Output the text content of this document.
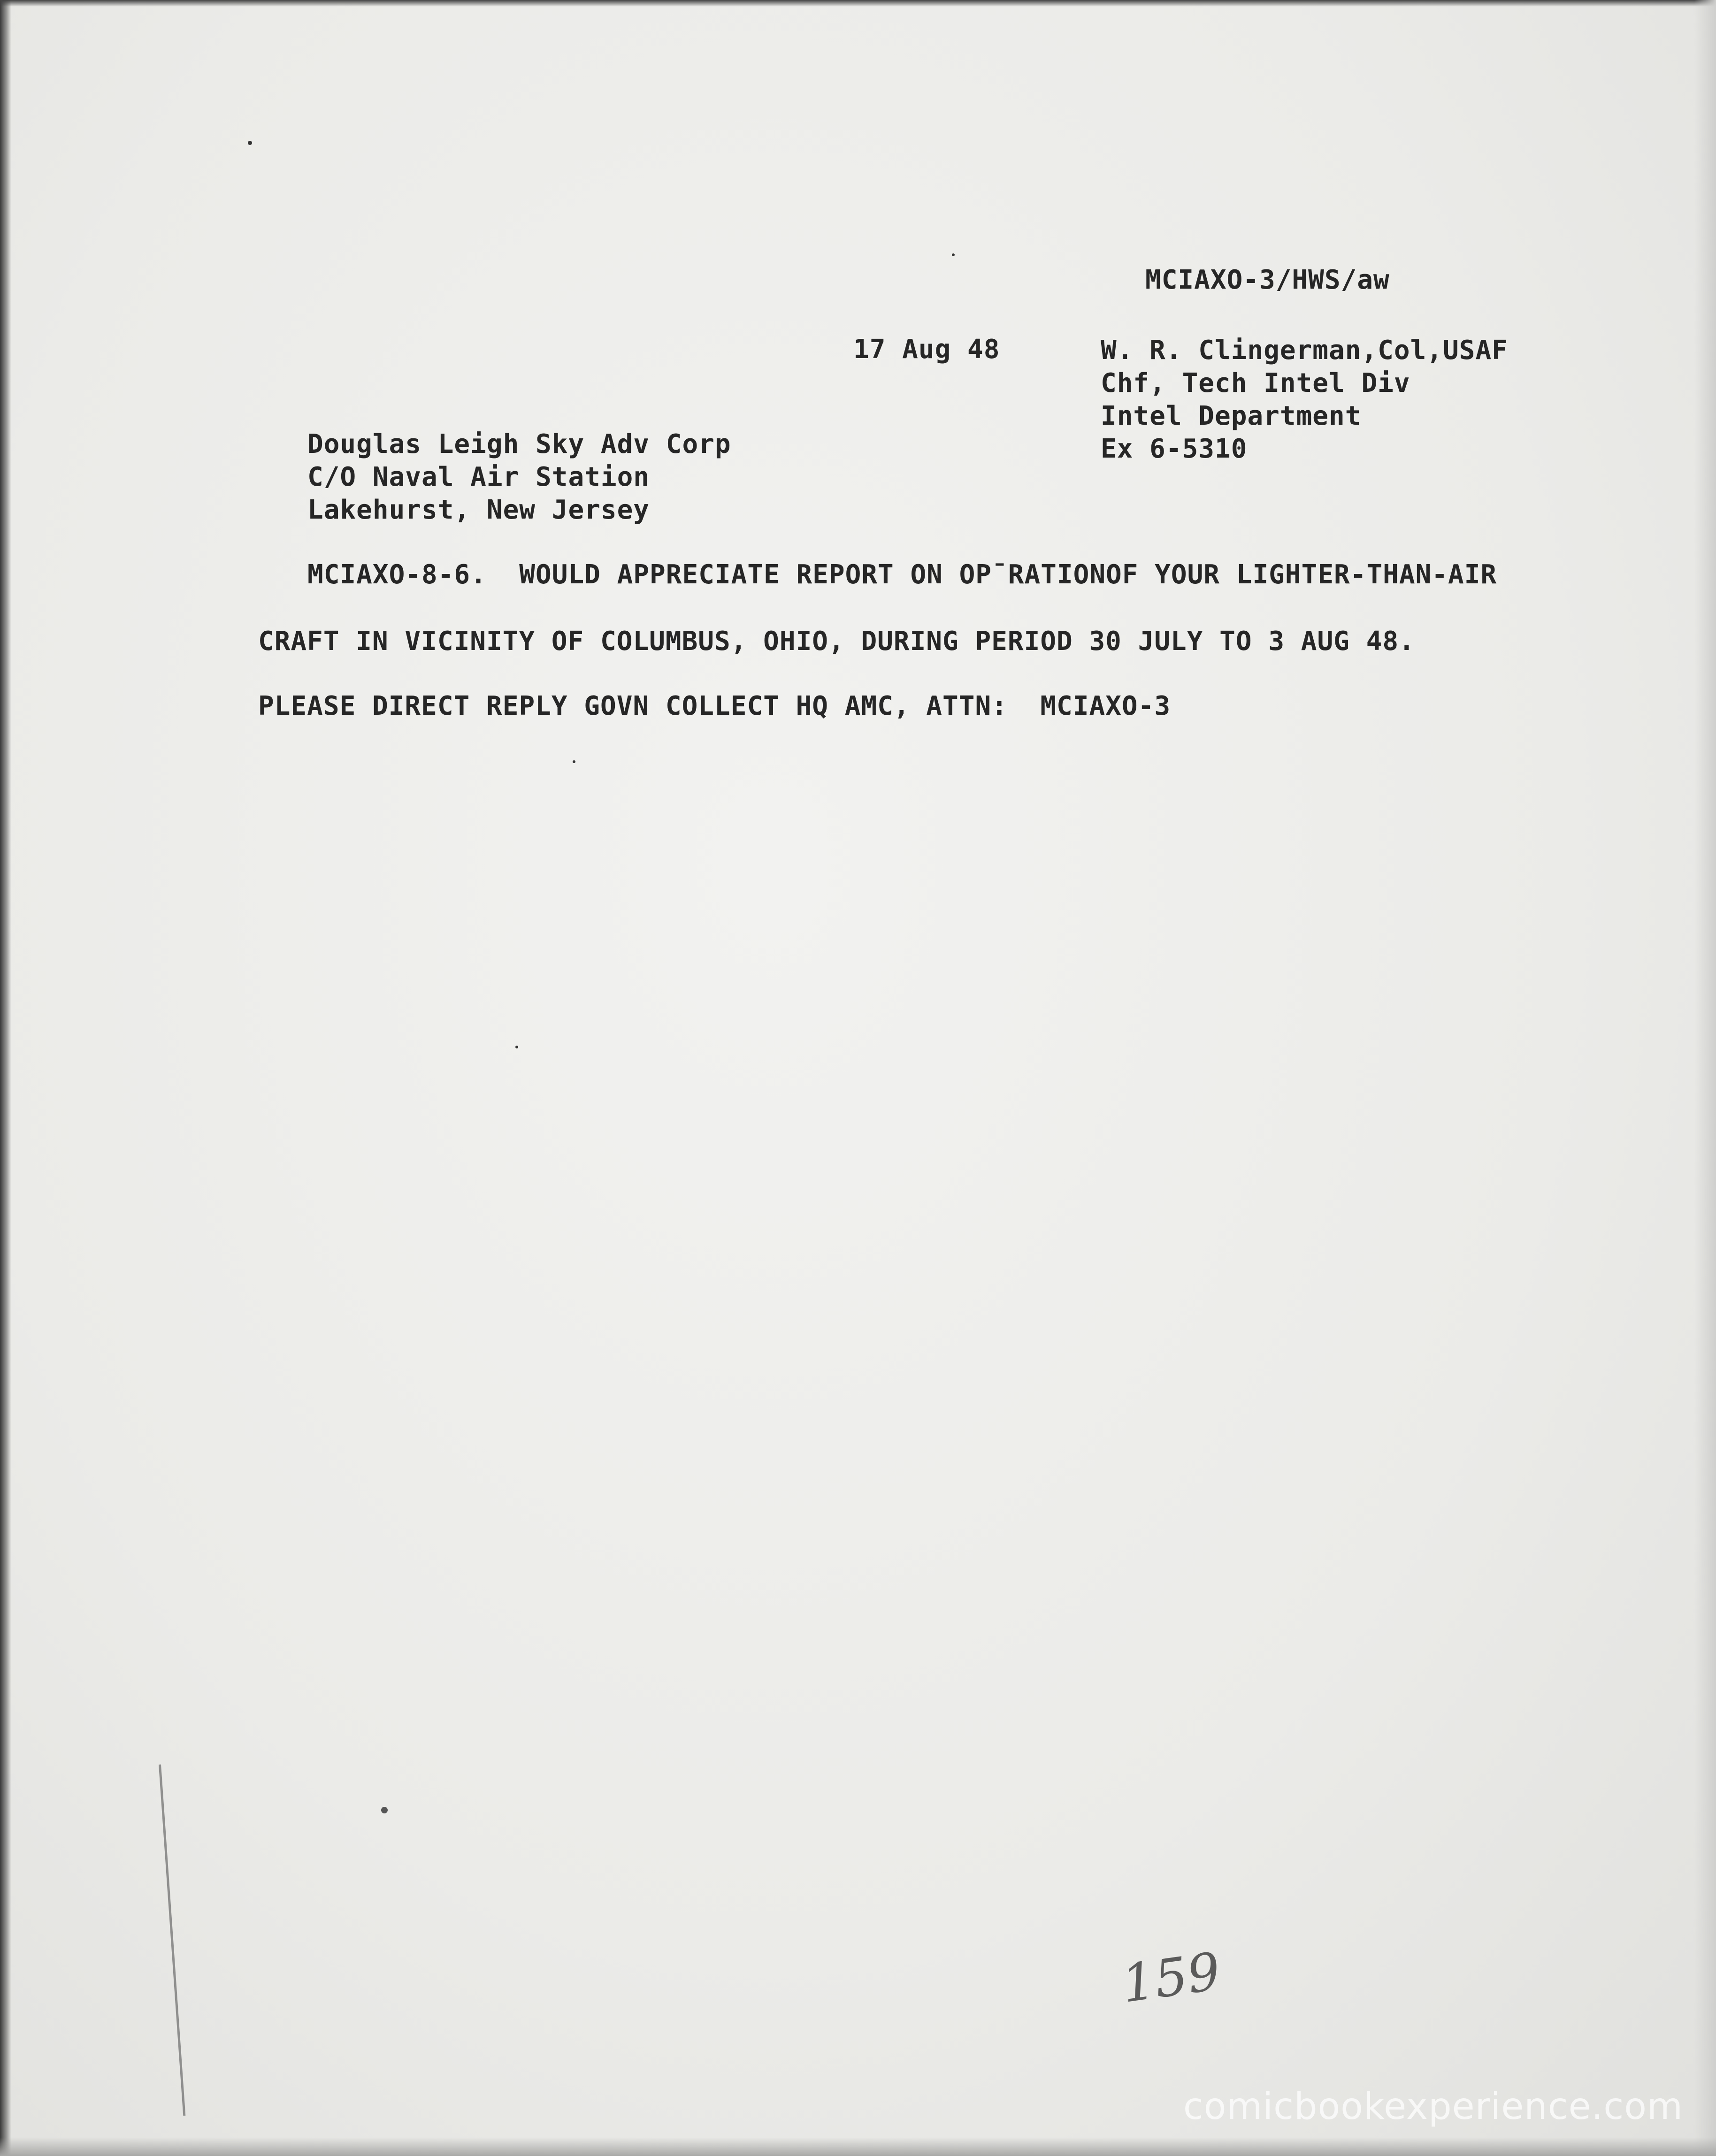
MCIAXO-3/HWS/aw
17 Aug 48	W. R. Clingerman,Col,USAF
Chf, Tech Intel Div
Intel Department
Ex 6-5310
Douglas Leigh Sky Adv Corp
C/O Naval Air Station
Lakehurst, New Jersey
MCIAXO-8-6.  WOULD APPRECIATE REPORT ON OP¯RATIONOF YOUR LIGHTER-THAN-AIR
CRAFT IN VICINITY OF COLUMBUS, OHIO, DURING PERIOD 30 JULY TO 3 AUG 48.
PLEASE DIRECT REPLY GOVN COLLECT HQ AMC, ATTN:  MCIAXO-3
159
comicbookexperience.com
